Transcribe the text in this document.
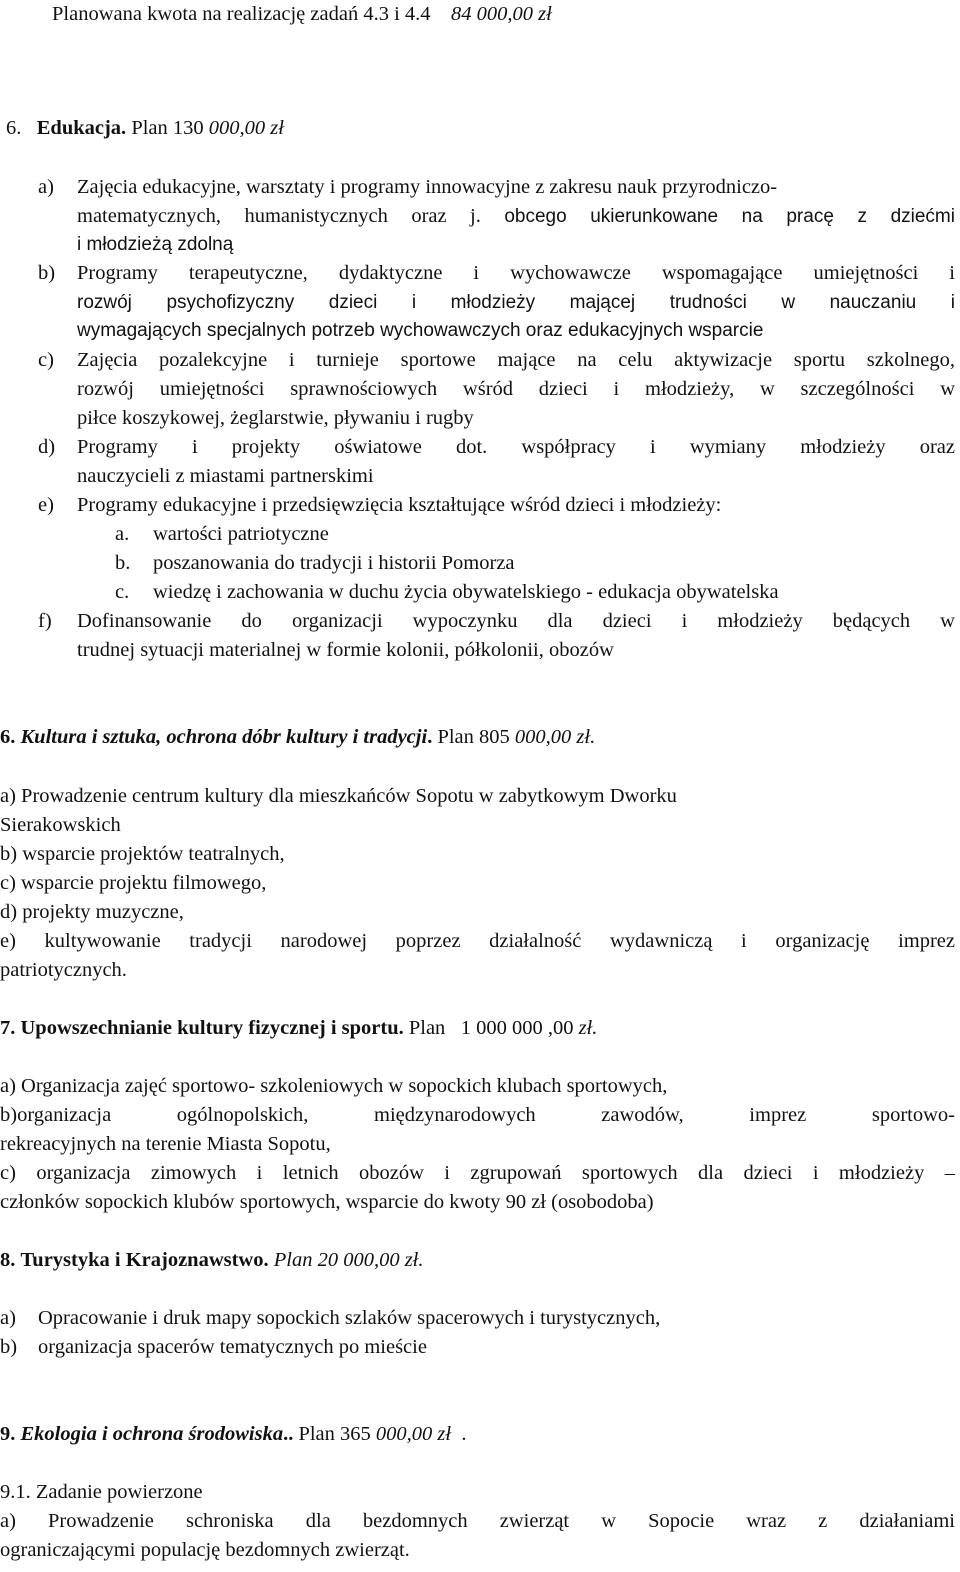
Planowana kwota na realizację zadań 4.3 i 4.4 84 000,00 zł
6. Edukacja. Plan 130 000,00 zł
a) Zajęcia edukacyjne, warsztaty i programy innowacyjne z zakresu nauk przyrodniczo-
matematycznych, humanistycznych oraz j. obcego ukierunkowane na pracę z dziećmi
i młodzieżą zdolną
b) Programy terapeutyczne, dydaktyczne i wychowawcze wspomagające umiejętności i
rozwój psychofizyczny dzieci i młodzieży mającej trudności w nauczaniu i
wymagających specjalnych potrzeb wychowawczych oraz edukacyjnych wsparcie
c) Zajęcia pozalekcyjne i turnieje sportowe mające na celu aktywizacje sportu szkolnego,
rozwój umiejętności sprawnościowych wśród dzieci i młodzieży, w szczególności w
piłce koszykowej, żeglarstwie, pływaniu i rugby
d) Programy i projekty oświatowe dot. współpracy i wymiany młodzieży oraz
nauczycieli z miastami partnerskimi
e) Programy edukacyjne i przedsięwzięcia kształtujące wśród dzieci i młodzieży:
a. wartości patriotyczne
b. poszanowania do tradycji i historii Pomorza
c. wiedzę i zachowania w duchu życia obywatelskiego - edukacja obywatelska
f) Dofinansowanie do organizacji wypoczynku dla dzieci i młodzieży będących w
trudnej sytuacji materialnej w formie kolonii, półkolonii, obozów
6. Kultura i sztuka, ochrona dóbr kultury i tradycji. Plan 805 000,00 zł.
a) Prowadzenie centrum kultury dla mieszkańców Sopotu w zabytkowym Dworku
Sierakowskich
b) wsparcie projektów teatralnych,
c) wsparcie projektu filmowego,
d) projekty muzyczne,
e) kultywowanie tradycji narodowej poprzez działalność wydawniczą i organizację imprez
patriotycznych.
7. Upowszechnianie kultury fizycznej i sportu. Plan 1 000 000 ,00 zł.
a) Organizacja zajęć sportowo- szkoleniowych w sopockich klubach sportowych,
b)organizacja ogólnopolskich, międzynarodowych zawodów, imprez sportowo-
rekreacyjnych na terenie Miasta Sopotu,
c) organizacja zimowych i letnich obozów i zgrupowań sportowych dla dzieci i młodzieży –
członków sopockich klubów sportowych, wsparcie do kwoty 90 zł (osobodoba)
8. Turystyka i Krajoznawstwo. Plan 20 000,00 zł.
a) Opracowanie i druk mapy sopockich szlaków spacerowych i turystycznych,
b) organizacja spacerów tematycznych po mieście
9. Ekologia i ochrona środowiska.. Plan 365 000,00 zł .
9.1. Zadanie powierzone
a) Prowadzenie schroniska dla bezdomnych zwierząt w Sopocie wraz z działaniami
ograniczającymi populację bezdomnych zwierząt.
